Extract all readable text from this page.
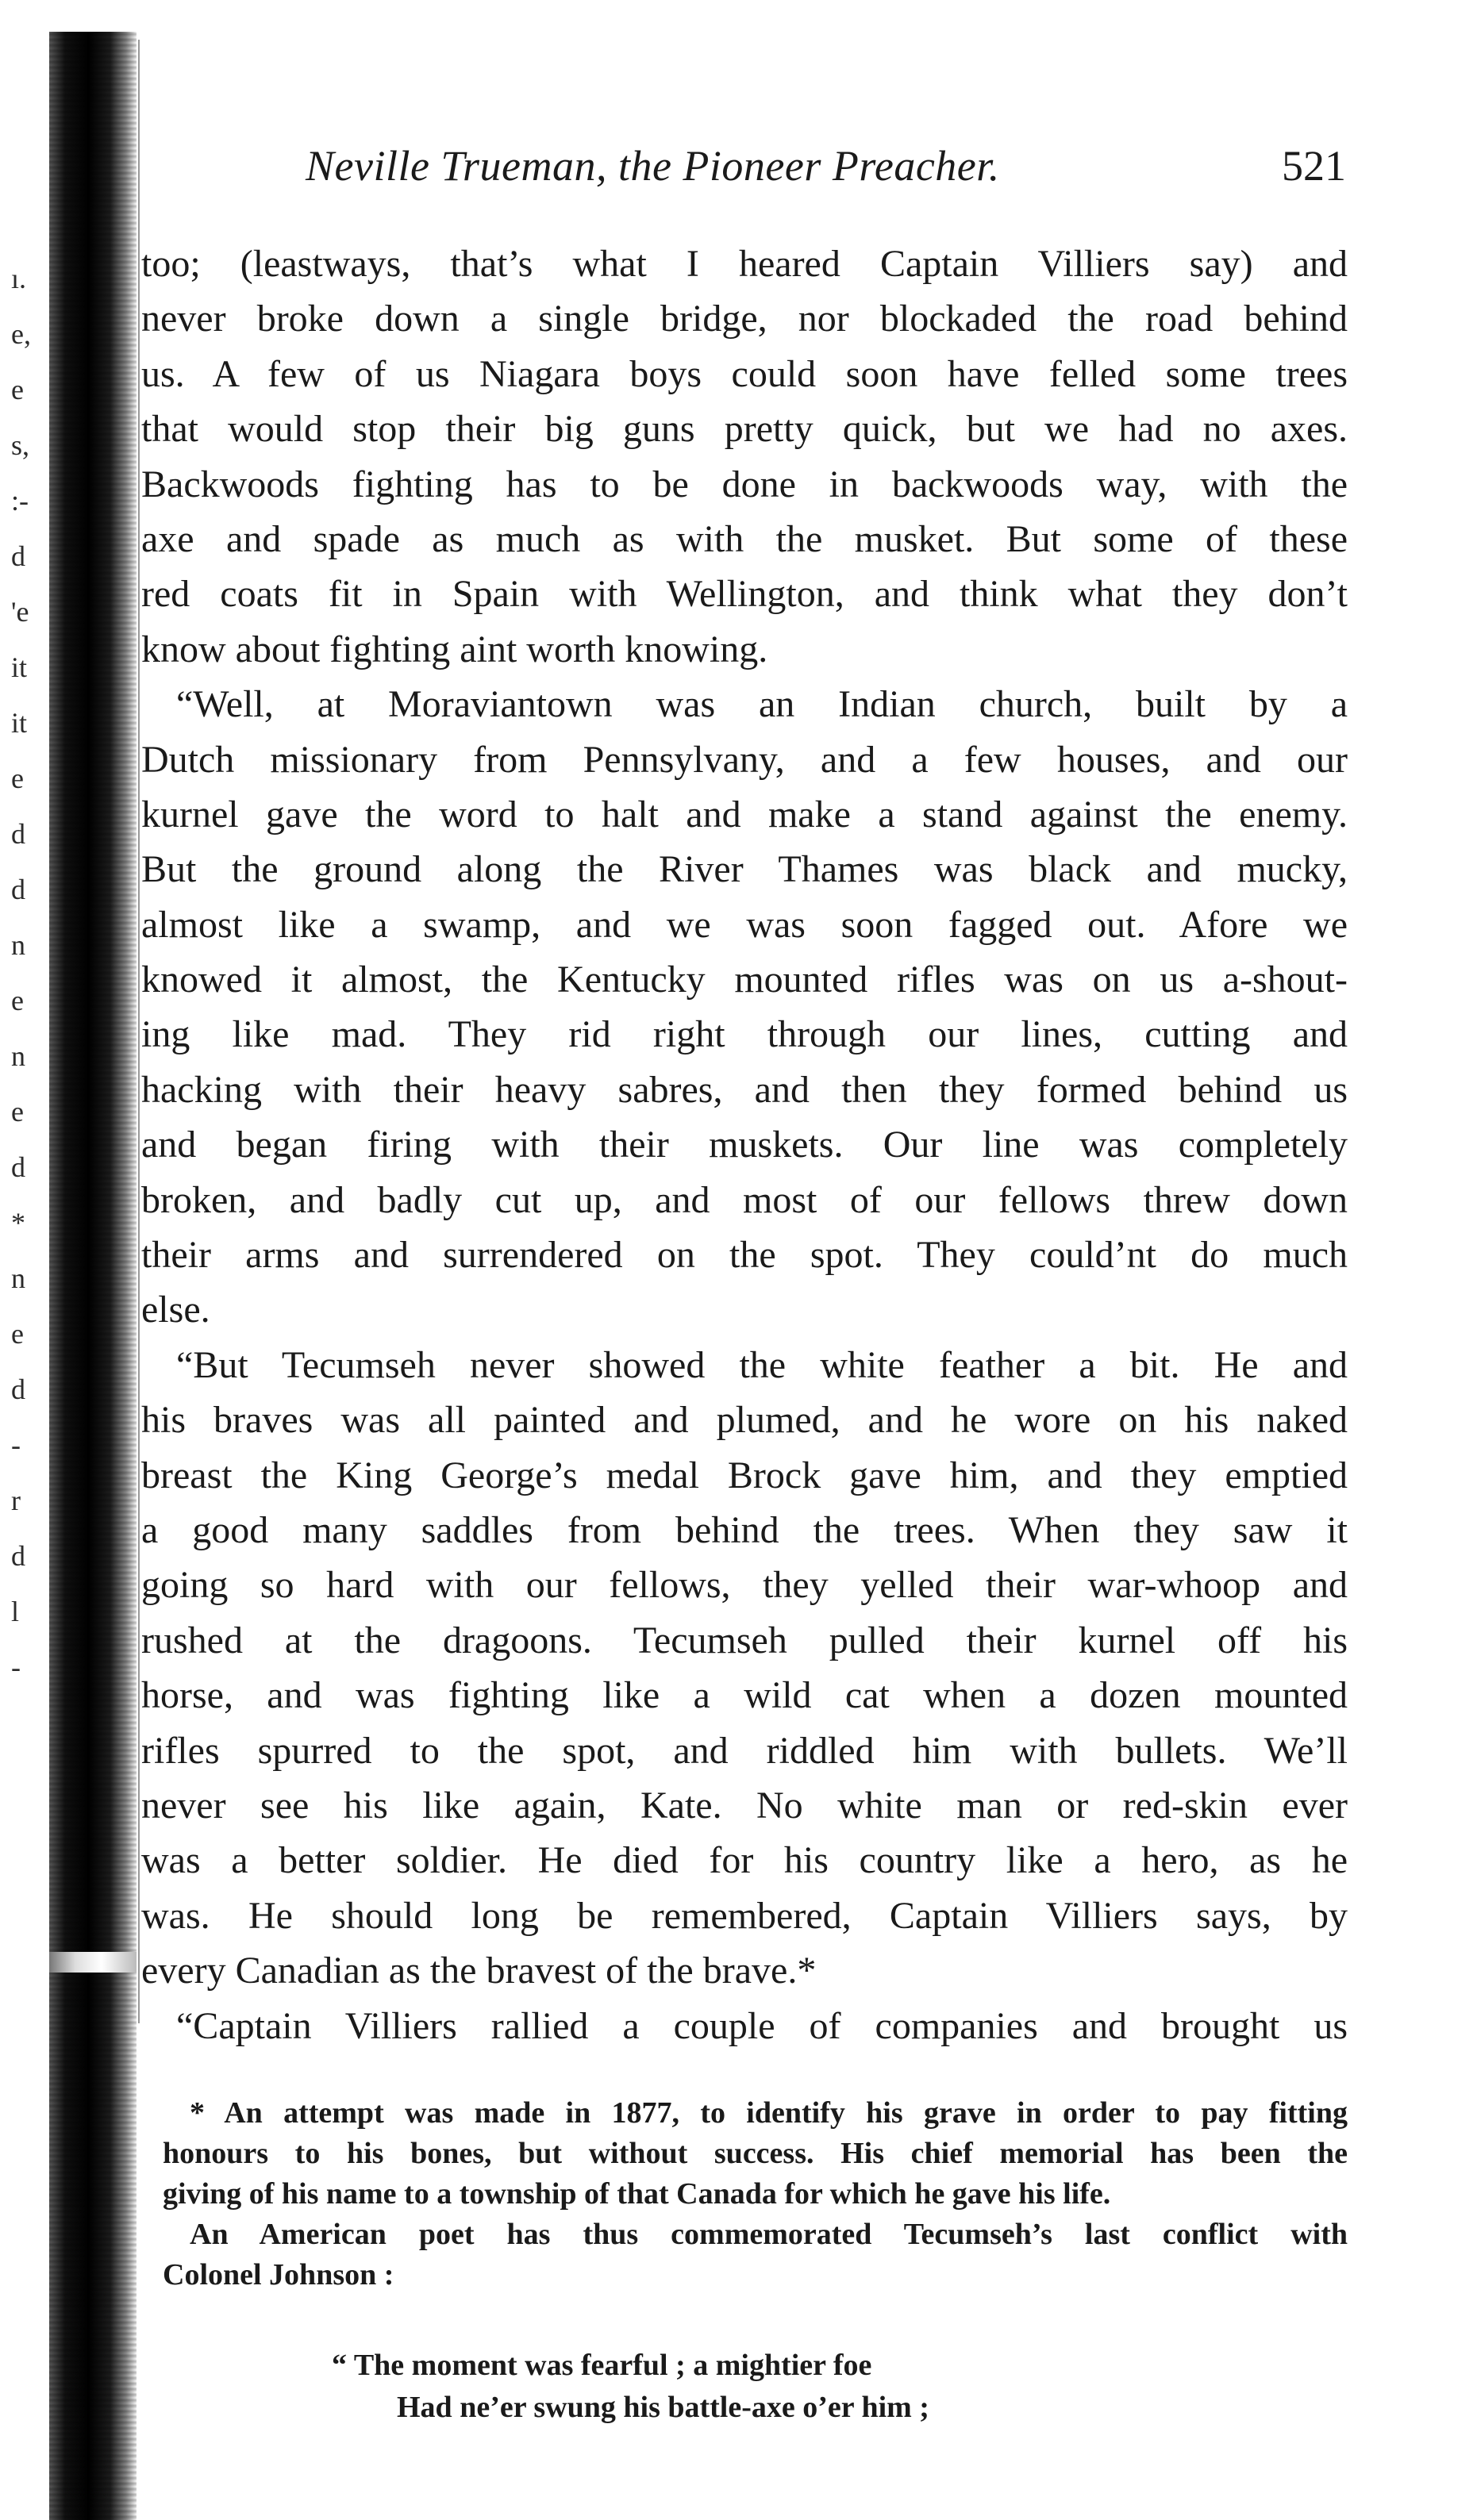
ı.
e,
e
s,
:-
d
'e
it
it
e
d
d
n
e
n
e
d
*
n
e
d
-
r
d
l
-
Neville Trueman, the Pioneer Preacher.	521
too; (leastways, that’s what I heared Captain Villiers say) and
never broke down a single bridge, nor blockaded the road behind
us. A few of us Niagara boys could soon have felled some trees
that would stop their big guns pretty quick, but we had no axes.
Backwoods fighting has to be done in backwoods way, with the
axe and spade as much as with the musket. But some of these
red coats fit in Spain with Wellington, and think what they don’t
know about fighting aint worth knowing.
“Well, at Moraviantown was an Indian church, built by a
Dutch missionary from Pennsylvany, and a few houses, and our
kurnel gave the word to halt and make a stand against the enemy.
But the ground along the River Thames was black and mucky,
almost like a swamp, and we was soon fagged out. Afore we
knowed it almost, the Kentucky mounted rifles was on us a-shout-
ing like mad. They rid right through our lines, cutting and
hacking with their heavy sabres, and then they formed behind us
and began firing with their muskets. Our line was completely
broken, and badly cut up, and most of our fellows threw down
their arms and surrendered on the spot. They could’nt do much
else.
“But Tecumseh never showed the white feather a bit. He and
his braves was all painted and plumed, and he wore on his naked
breast the King George’s medal Brock gave him, and they emptied
a good many saddles from behind the trees. When they saw it
going so hard with our fellows, they yelled their war-whoop and
rushed at the dragoons. Tecumseh pulled their kurnel off his
horse, and was fighting like a wild cat when a dozen mounted
rifles spurred to the spot, and riddled him with bullets. We’ll
never see his like again, Kate. No white man or red-skin ever
was a better soldier. He died for his country like a hero, as he
was. He should long be remembered, Captain Villiers says, by
every Canadian as the bravest of the brave.*
“Captain Villiers rallied a couple of companies and brought us
* An attempt was made in 1877, to identify his grave in order to pay fitting
honours to his bones, but without success. His chief memorial has been the
giving of his name to a township of that Canada for which he gave his life.
An American poet has thus commemorated Tecumseh’s last conflict with
Colonel Johnson :
“ The moment was fearful ; a mightier foe
Had ne’er swung his battle-axe o’er him ;
